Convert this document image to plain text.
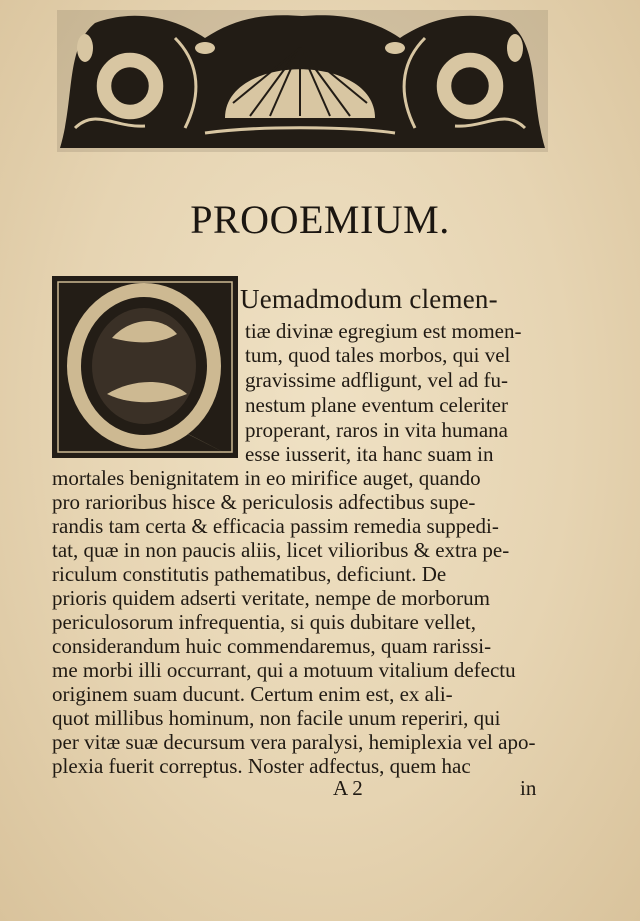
PROOEMIUM.
Uemadmodum clemen-
tiæ divinæ egregium est momen-
tum, quod tales morbos, qui vel
gravissime adfligunt, vel ad fu-
nestum plane eventum celeriter
properant, raros in vita humana
esse iusserit, ita hanc suam in
mortales benignitatem in eo mirifice auget, quando
pro rarioribus hisce & periculosis adfectibus supe-
randis tam certa & efficacia passim remedia suppedi-
tat, quæ in non paucis aliis, licet vilioribus & extra pe-
riculum constitutis pathematibus, deficiunt. De
prioris quidem adserti veritate, nempe de morborum
periculosorum infrequentia, si quis dubitare vellet,
considerandum huic commendaremus, quam rarissi-
me morbi illi occurrant, qui a motuum vitalium defectu
originem suam ducunt. Certum enim est, ex ali-
quot millibus hominum, non facile unum reperiri, qui
per vitæ suæ decursum vera paralysi, hemiplexia vel apo-
plexia fuerit correptus. Noster adfectus, quem hac
A 2	in
